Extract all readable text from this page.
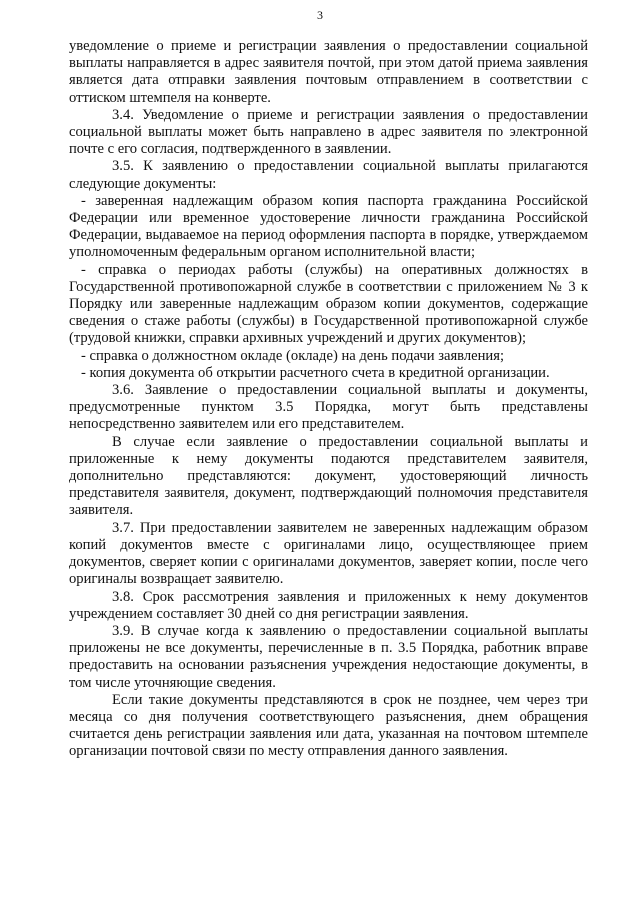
3

уведомление о приеме и регистрации заявления о предоставлении социальной выплаты направляется в адрес заявителя почтой, при этом датой приема заявления является дата отправки заявления почтовым отправлением в соответствии с оттиском штемпеля на конверте.

3.4. Уведомление о приеме и регистрации заявления о предоставлении социальной выплаты может быть направлено в адрес заявителя по электронной почте с его согласия, подтвержденного в заявлении.

3.5. К заявлению о предоставлении социальной выплаты прилагаются следующие документы:

- заверенная надлежащим образом копия паспорта гражданина Российской Федерации или временное удостоверение личности гражданина Российской Федерации, выдаваемое на период оформления паспорта в порядке, утверждаемом уполномоченным федеральным органом исполнительной власти;

- справка о периодах работы (службы) на оперативных должностях в Государственной противопожарной службе в соответствии с приложением № 3 к Порядку или заверенные надлежащим образом копии документов, содержащие сведения о стаже работы (службы) в Государственной противопожарной службе (трудовой книжки, справки архивных учреждений и других документов);

- справка о должностном окладе (окладе) на день подачи заявления;

- копия документа об открытии расчетного счета в кредитной организации.

3.6. Заявление о предоставлении социальной выплаты и документы, предусмотренные пунктом 3.5 Порядка, могут быть представлены непосредственно заявителем или его представителем.

В случае если заявление о предоставлении социальной выплаты и приложенные к нему документы подаются представителем заявителя, дополнительно представляются: документ, удостоверяющий личность представителя заявителя, документ, подтверждающий полномочия представителя заявителя.

3.7. При предоставлении заявителем не заверенных надлежащим образом копий документов вместе с оригиналами лицо, осуществляющее прием документов, сверяет копии с оригиналами документов, заверяет копии, после чего оригиналы возвращает заявителю.

3.8. Срок рассмотрения заявления и приложенных к нему документов учреждением составляет 30 дней со дня регистрации заявления.

3.9. В случае когда к заявлению о предоставлении социальной выплаты приложены не все документы, перечисленные в п. 3.5 Порядка, работник вправе предоставить на основании разъяснения учреждения недостающие документы, в том числе уточняющие сведения.

Если такие документы представляются в срок не позднее, чем через три месяца со дня получения соответствующего разъяснения, днем обращения считается день регистрации заявления или дата, указанная на почтовом штемпеле организации почтовой связи по месту отправления данного заявления.
